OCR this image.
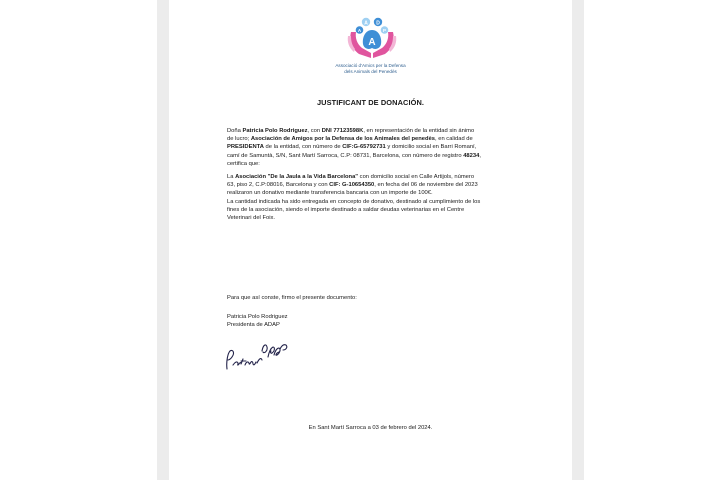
A D
A	P
A
Associació d'Amics per la Defensa
dels Animals del Penedès
JUSTIFICANT DE DONACIÓN.
Doña Patricia Polo Rodriguez, con DNI 77123598K, en representación de la entidad sin ánimo
de lucro; Asociación de Amigos por la Defensa de los Animales del penedès, en calidad de
PRESIDENTA de la entidad, con número de CIF:G-65792731 y domicilio social en Barri Romaní,
camí de Samuntà, S/N, Sant Martí Sarroca, C.P: 08731, Barcelona, con número de registro 48234,
certifica que:
La Asociación "De la Jaula a la Vida Barcelona" con domicilio social en Calle Artijols, número
63, piso 2, C.P:08016, Barcelona y con CIF: G-10654350, en fecha del 06 de noviembre del 2023
realizaron un donativo mediante transferencia bancaria con un importe de 100€.
La cantidad indicada ha sido entregada en concepto de donativo, destinado al cumplimiento de los
fines de la asociación, siendo el importe destinado a saldar deudas veterinarias en el Centre
Veterinari del Foix.
Para que así conste, firmo el presente documento:
Patricia Polo Rodriguez
Presidenta de ADAP
En Sant Martí Sarroca a 03 de febrero del 2024.
